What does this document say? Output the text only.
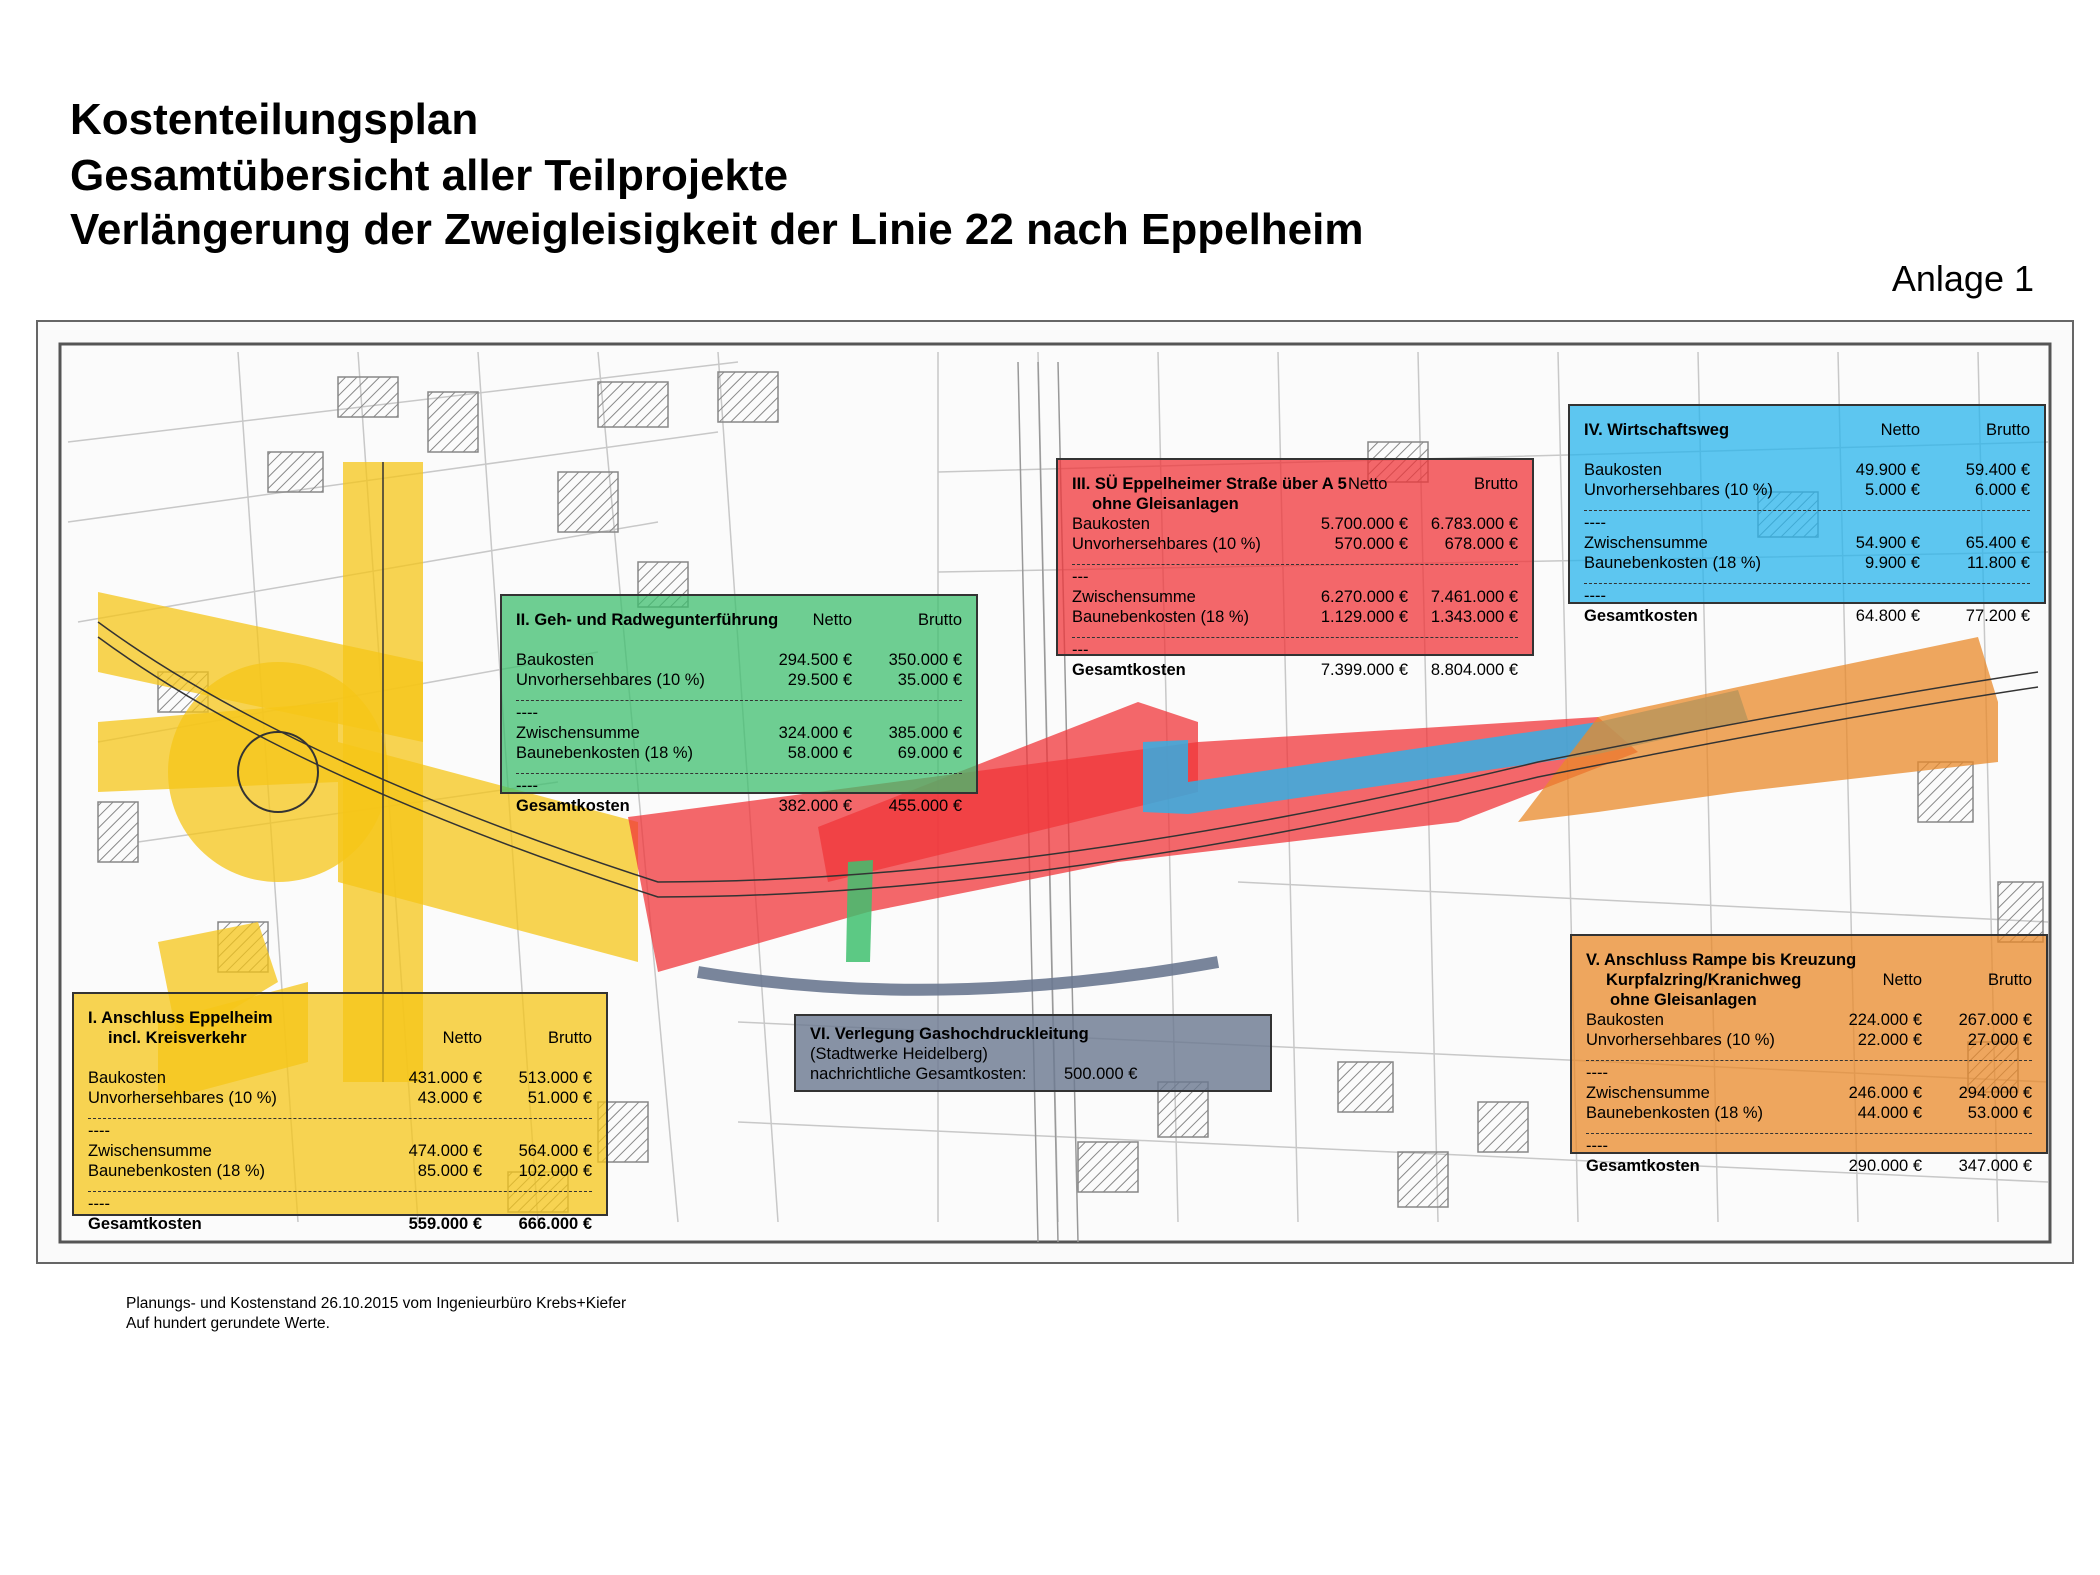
Kostenteilungsplan
Gesamtübersicht aller Teilprojekte
Verlängerung der Zweigleisigkeit der Linie 22 nach Eppelheim
Anlage 1
I. Anschluss Eppelheim
incl. Kreisverkehr	Netto	Brutto
Baukosten	431.000 €	513.000 €
Unvorhersehbares (10 %)	43.000 €	51.000 €
----
Zwischensumme	474.000 €	564.000 €
Baunebenkosten (18 %)	85.000 €	102.000 €
----
Gesamtkosten	559.000 €	666.000 €
II. Geh- und Radwegunterführung	Netto	Brutto
Baukosten	294.500 €	350.000 €
Unvorhersehbares (10 %)	29.500 €	35.000 €
----
Zwischensumme	324.000 €	385.000 €
Baunebenkosten (18 %)	58.000 €	69.000 €
----
Gesamtkosten	382.000 €	455.000 €
III. SÜ Eppelheimer Straße über A 5 Netto	Brutto
ohne Gleisanlagen
Baukosten	5.700.000 €	6.783.000 €
Unvorhersehbares (10 %)	570.000 €	678.000 €
---
Zwischensumme	6.270.000 €	7.461.000 €
Baunebenkosten (18 %)	1.129.000 €	1.343.000 €
---
Gesamtkosten	7.399.000 €	8.804.000 €
IV. Wirtschaftsweg	Netto	Brutto
Baukosten	49.900 €	59.400 €
Unvorhersehbares (10 %)	5.000 €	6.000 €
----
Zwischensumme	54.900 €	65.400 €
Baunebenkosten (18 %)	9.900 €	11.800 €
----
Gesamtkosten	64.800 €	77.200 €
V. Anschluss Rampe bis Kreuzung
Kurpfalzring/Kranichweg	Netto	Brutto
ohne Gleisanlagen
Baukosten	224.000 €	267.000 €
Unvorhersehbares (10 %)	22.000 €	27.000 €
----
Zwischensumme	246.000 €	294.000 €
Baunebenkosten (18 %)	44.000 €	53.000 €
----
Gesamtkosten	290.000 €	347.000 €
VI. Verlegung Gashochdruckleitung
(Stadtwerke Heidelberg)
nachrichtliche Gesamtkosten:	500.000 €
Planungs- und Kostenstand 26.10.2015 vom Ingenieurbüro Krebs+Kiefer
Auf hundert gerundete Werte.
